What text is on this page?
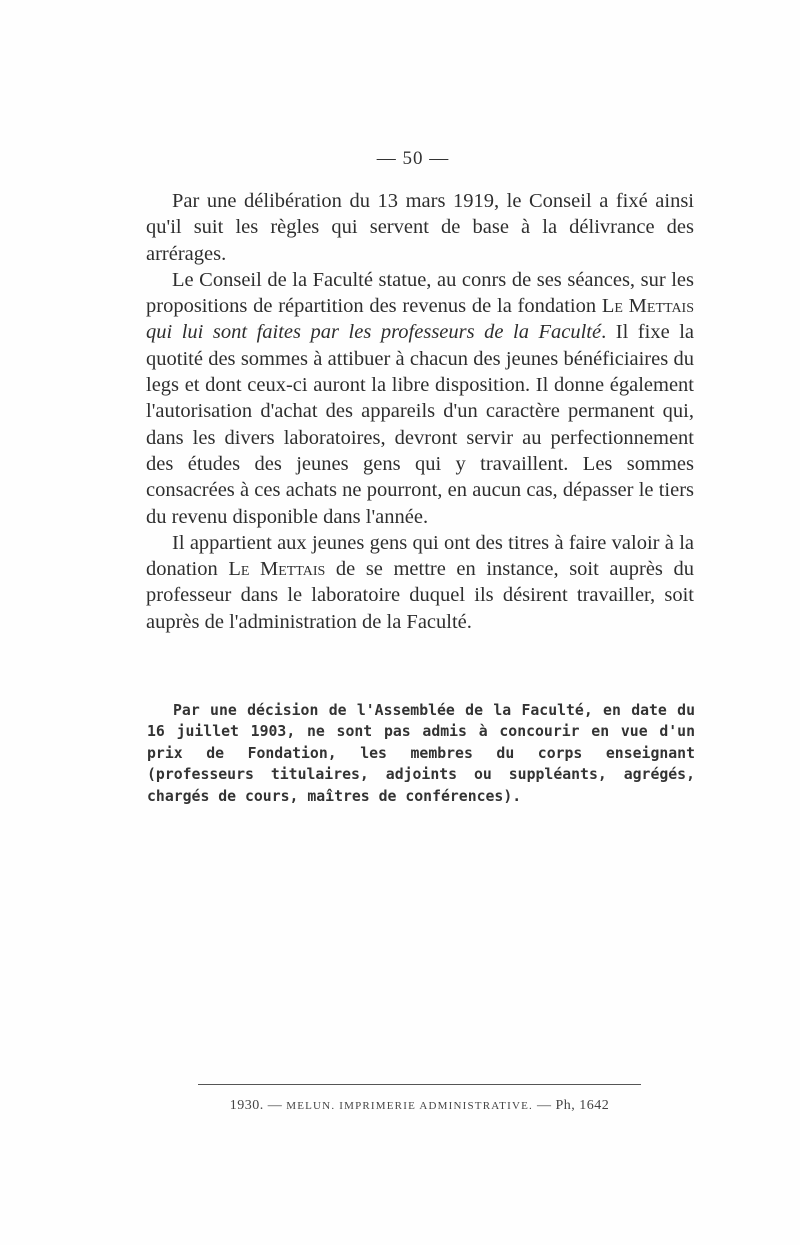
— 50 —

Par une délibération du 13 mars 1919, le Conseil a fixé ainsi qu'il suit les règles qui servent de base à la délivrance des arrérages.

Le Conseil de la Faculté statue, au conrs de ses séances, sur les propositions de répartition des revenus de la fondation Le Mettais qui lui sont faites par les professeurs de la Faculté. Il fixe la quotité des sommes à attibuer à chacun des jeunes bénéficiaires du legs et dont ceux-ci auront la libre disposition. Il donne également l'autorisation d'achat des appareils d'un caractère permanent qui, dans les divers laboratoires, devront servir au perfectionnement des études des jeunes gens qui y travaillent. Les sommes consacrées à ces achats ne pourront, en aucun cas, dépasser le tiers du revenu disponible dans l'année.

Il appartient aux jeunes gens qui ont des titres à faire valoir à la donation Le Mettais de se mettre en instance, soit auprès du professeur dans le laboratoire duquel ils désirent travailler, soit auprès de l'administration de la Faculté.

Par une décision de l'Assemblée de la Faculté, en date du 16 juillet 1903, ne sont pas admis à concourir en vue d'un prix de Fondation, les membres du corps enseignant (professeurs titulaires, adjoints ou suppléants, agrégés, chargés de cours, maîtres de conférences).

1930. — MELUN. IMPRIMERIE ADMINISTRATIVE. — Ph, 1642
